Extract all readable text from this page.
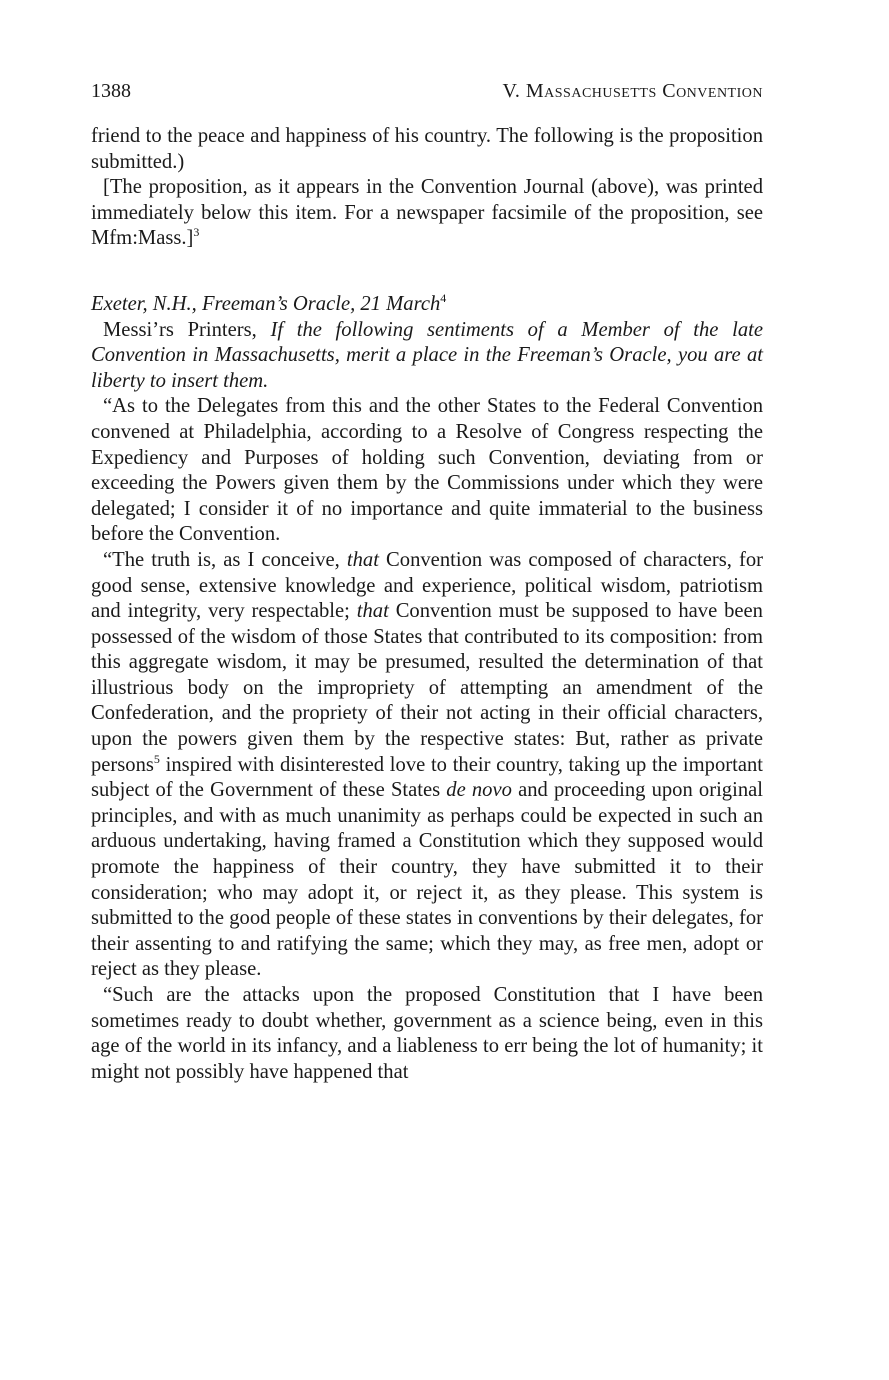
1388	V. Massachusetts Convention

friend to the peace and happiness of his country. The following is the proposition submitted.)

[The proposition, as it appears in the Convention Journal (above), was printed immediately below this item. For a newspaper facsimile of the proposition, see Mfm:Mass.]$^3$

Exeter, N.H., Freeman’s Oracle, 21 March$^4$

Messi’rs Printers, If the following sentiments of a Member of the late Convention in Massachusetts, merit a place in the Freeman’s Oracle, you are at liberty to insert them.

“As to the Delegates from this and the other States to the Federal Convention convened at Philadelphia, according to a Resolve of Congress respecting the Expediency and Purposes of holding such Convention, deviating from or exceeding the Powers given them by the Commissions under which they were delegated; I consider it of no importance and quite immaterial to the business before the Convention.

“The truth is, as I conceive, that Convention was composed of characters, for good sense, extensive knowledge and experience, political wisdom, patriotism and integrity, very respectable; that Convention must be supposed to have been possessed of the wisdom of those States that contributed to its composition: from this aggregate wisdom, it may be presumed, resulted the determination of that illustrious body on the impropriety of attempting an amendment of the Confederation, and the propriety of their not acting in their official characters, upon the powers given them by the respective states: But, rather as private persons$^5$ inspired with disinterested love to their country, taking up the important subject of the Government of these States de novo and proceeding upon original principles, and with as much unanimity as perhaps could be expected in such an arduous undertaking, having framed a Constitution which they supposed would promote the happiness of their country, they have submitted it to their consideration; who may adopt it, or reject it, as they please. This system is submitted to the good people of these states in conventions by their delegates, for their assenting to and ratifying the same; which they may, as free men, adopt or reject as they please.

“Such are the attacks upon the proposed Constitution that I have been sometimes ready to doubt whether, government as a science being, even in this age of the world in its infancy, and a liableness to err being the lot of humanity; it might not possibly have happened that
